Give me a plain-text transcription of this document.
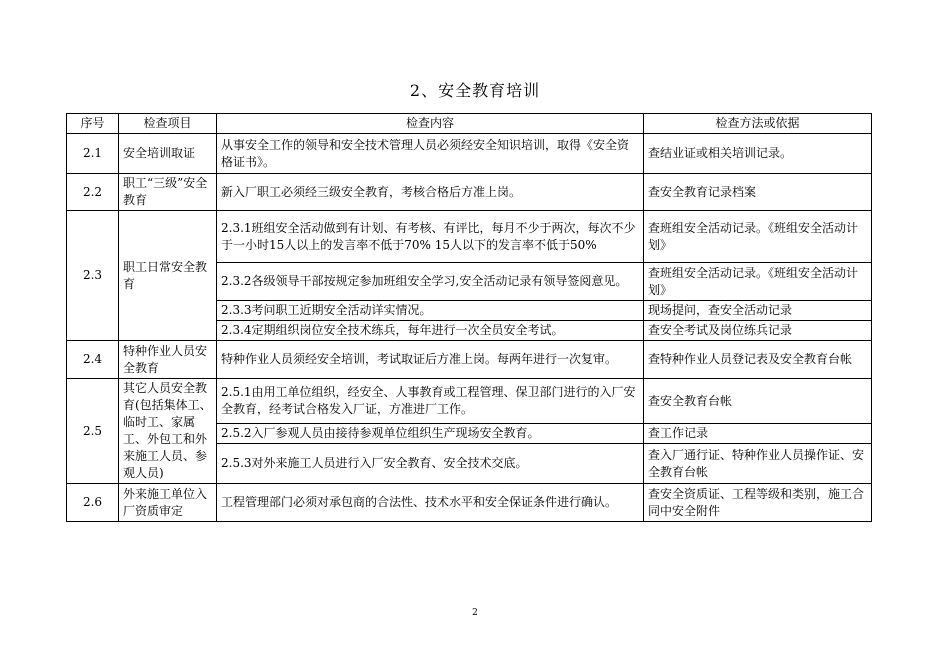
2、安全教育培训
序号	检查项目	检查内容	检查方法或依据
2.1	安全培训取证	从事安全工作的领导和安全技术管理人员必须经安全知识培训，取得《安全资格证书》。	查结业证或相关培训记录。
2.2	职工“三级”安全教育	新入厂职工必须经三级安全教育，考核合格后方准上岗。	查安全教育记录档案
2.3	职工日常安全教育	2.3.1班组安全活动做到有计划、有考核、有评比，每月不少于两次，每次不少于一小时15人以上的发言率不低于70% 15人以下的发言率不低于50%	查班组安全活动记录。《班组安全活动计划》
		2.3.2各级领导干部按规定参加班组安全学习,安全活动记录有领导签阅意见。	查班组安全活动记录。《班组安全活动计划》
		2.3.3考问职工近期安全活动详实情况。	现场提问，查安全活动记录
		2.3.4定期组织岗位安全技术练兵，每年进行一次全员安全考试。	查安全考试及岗位练兵记录
2.4	特种作业人员安全教育	特种作业人员须经安全培训，考试取证后方准上岗。每两年进行一次复审。	查特种作业人员登记表及安全教育台帐
2.5	其它人员安全教育(包括集体工、临时工、家属工、外包工和外来施工人员、参观人员)	2.5.1由用工单位组织，经安全、人事教育或工程管理、保卫部门进行的入厂安全教育，经考试合格发入厂证，方准进厂工作。	查安全教育台帐
		2.5.2入厂参观人员由接待参观单位组织生产现场安全教育。	查工作记录
		2.5.3对外来施工人员进行入厂安全教育、安全技术交底。	查入厂通行证、特种作业人员操作证、安全教育台帐
2.6	外来施工单位入厂资质审定	工程管理部门必须对承包商的合法性、技术水平和安全保证条件进行确认。	查安全资质证、工程等级和类别，施工合同中安全附件
2
